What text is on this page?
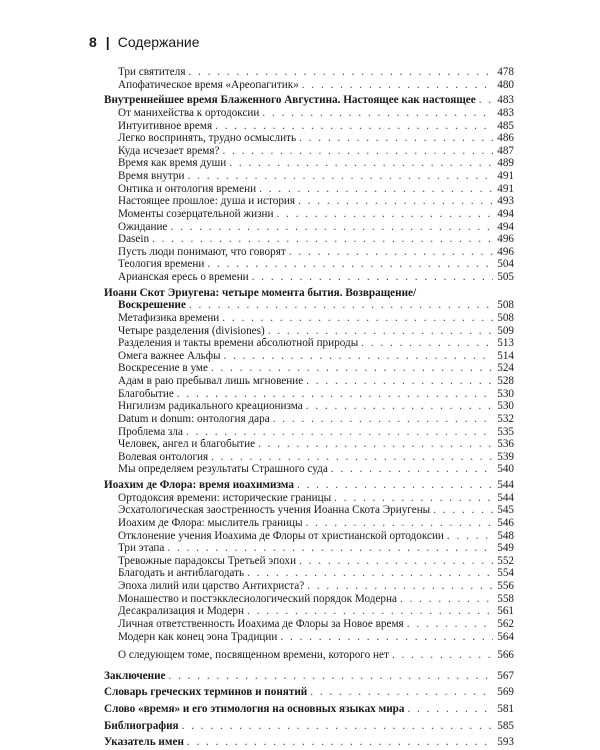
8 | Содержание
Три святителя . . .	478
Апофатическое время «Ареопагитик» . . .	480
Внутреннейшее время Блаженного Августина. Настоящее как настоящее . . . 483
От манихейства к ортодоксии . . .	483
Интуитивное время . . .	485
Легко воспринять, трудно осмыслить . . .	486
Куда исчезает время? . . .	487
Время как время души . . .	489
Время внутри . . .	491
Онтика и онтология времени . . .	491
Настоящее прошлое: душа и история . . .	493
Моменты созерцательной жизни . . .	494
Ожидание . . .	494
Dasein . . .	496
Пусть люди понимают, что говорят . . .	496
Теология времени . . .	504
Арианская ересь о времени . . .	505
Иоанн Скот Эриугена: четыре момента бытия. Возвращение/
Воскрешение . . .	508
Метафизика времени . . .	508
Четыре разделения (divisiones) . . .	509
Разделения и такты времени абсолютной природы . . .	513
Омега важнее Альфы . . .	514
Воскресение в уме . . .	524
Адам в раю пребывал лишь мгновение . . .	528
Благобытие . . .	530
Нигилизм радикального креационизма . . .	530
Datum и donum: онтология дара . . .	532
Проблема зла . . .	535
Человек, ангел и благобытие . . .	536
Волевая онтология . . .	539
Мы определяем результаты Страшного суда . . .	540
Иоахим де Флора: время иоахимизма . . .	544
Ортодоксия времени: исторические границы . . .	544
Эсхатологическая заостренность учения Иоанна Скота Эриугены . . .	545
Иоахим де Флора: мыслитель границы . . .	546
Отклонение учения Иоахима де Флоры от христианской ортодоксии . . .	548
Три этапа . . .	549
Тревожные парадоксы Третьей эпохи . . .	552
Благодать и антиблагодать . . .	554
Эпоха лилий или царство Антихриста? . . .	556
Монашество и постэкклесиологический порядок Модерна . . .	558
Десакрализация и Модерн . . .	561
Личная ответственность Иоахима де Флоры за Новое время . . .	562
Модерн как конец эона Традиции . . .	564
О следующем томе, посвященном времени, которого нет . . .	566
Заключение . . .	567
Словарь греческих терминов и понятий . . .	569
Слово «время» и его этимология на основных языках мира . . .	581
Библиография . . .	585
Указатель имен . . .	593
